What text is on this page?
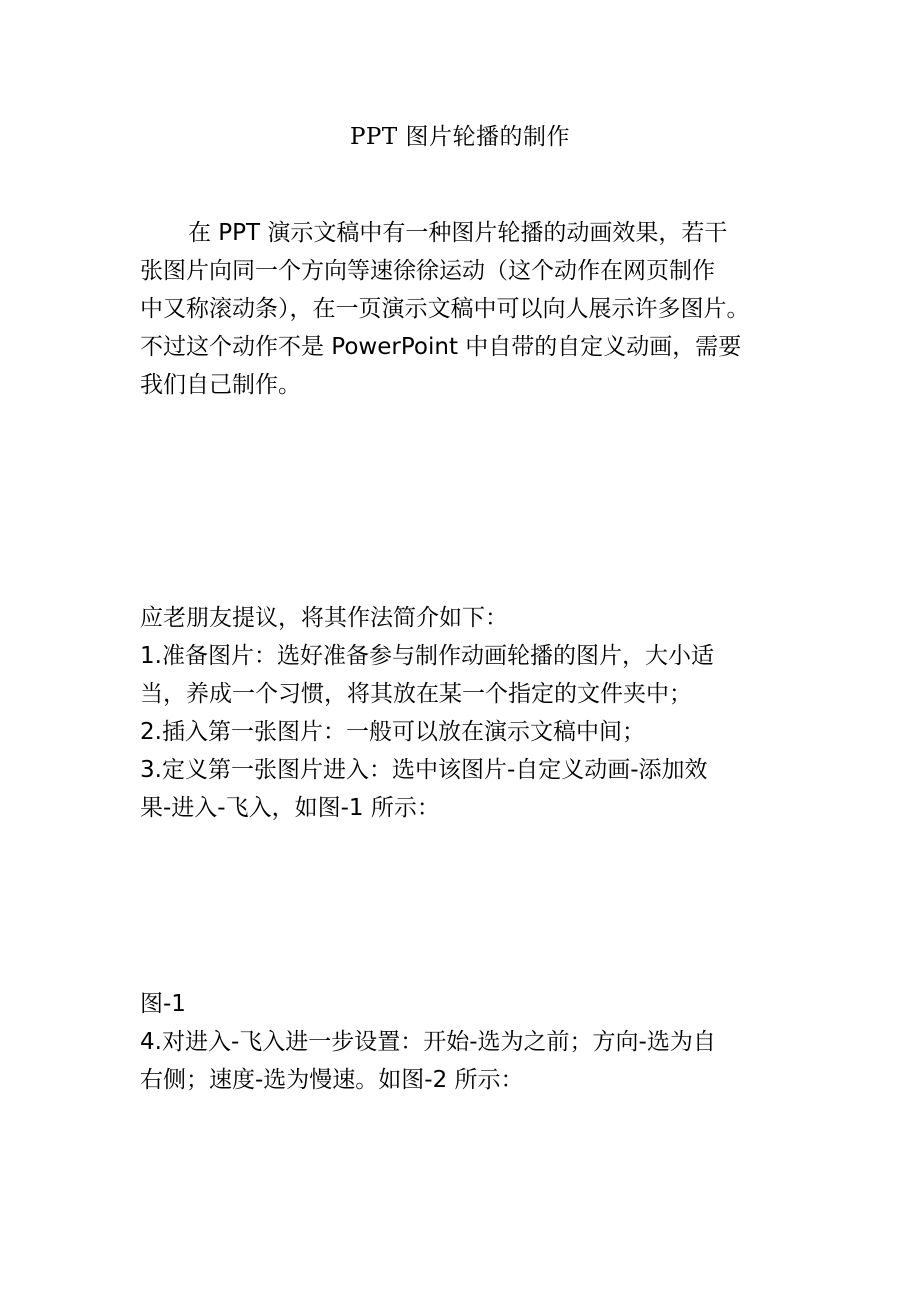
PPT 图片轮播的制作

在 PPT 演示文稿中有一种图片轮播的动画效果，若干
张图片向同一个方向等速徐徐运动（这个动作在网页制作
中又称滚动条），在一页演示文稿中可以向人展示许多图片。
不过这个动作不是 PowerPoint 中自带的自定义动画，需要
我们自己制作。

应老朋友提议，将其作法简介如下：
1.准备图片：选好准备参与制作动画轮播的图片，大小适
当，养成一个习惯，将其放在某一个指定的文件夹中；
2.插入第一张图片：一般可以放在演示文稿中间；
3.定义第一张图片进入：选中该图片-自定义动画-添加效
果-进入-飞入，如图-1 所示：

图-1
4.对进入-飞入进一步设置：开始-选为之前；方向-选为自
右侧；速度-选为慢速。如图-2 所示：
